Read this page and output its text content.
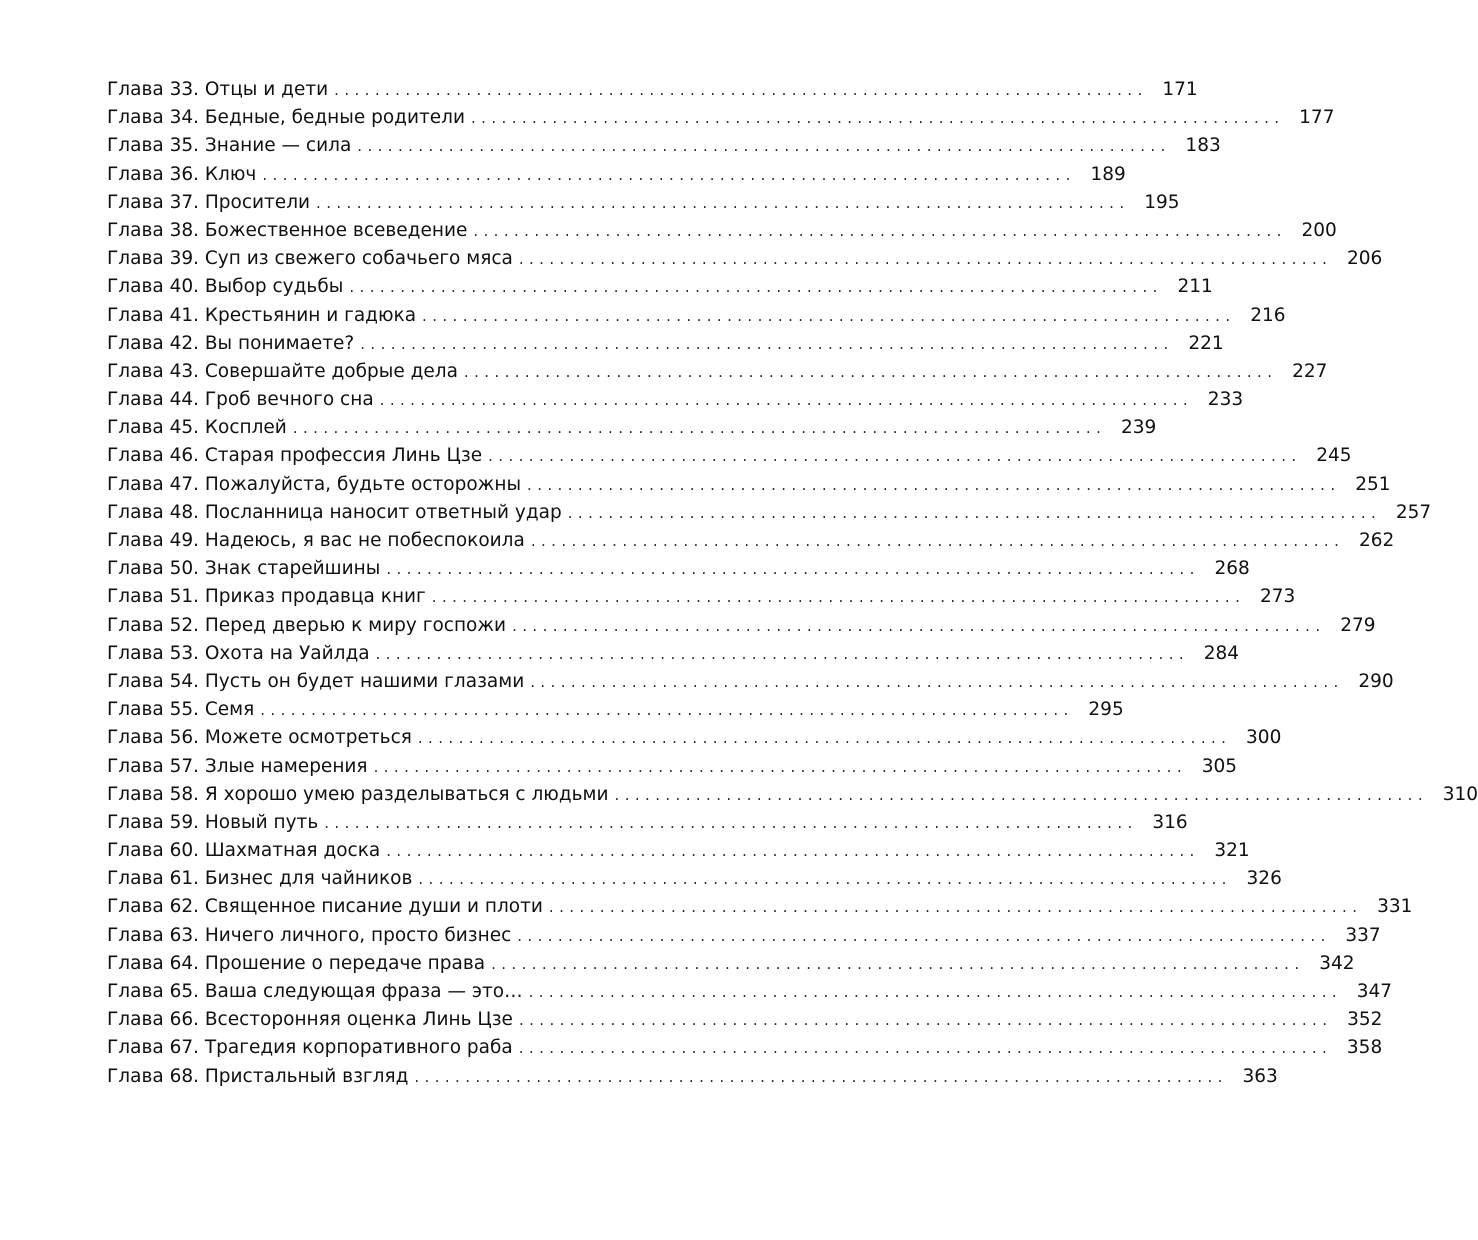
Глава 33. Отцы и дети ................................................................................ 171
Глава 34. Бедные, бедные родители ................................................................................ 177
Глава 35. Знание — сила ................................................................................ 183
Глава 36. Ключ ................................................................................ 189
Глава 37. Просители ................................................................................ 195
Глава 38. Божественное всеведение ................................................................................ 200
Глава 39. Суп из свежего собачьего мяса ................................................................................ 206
Глава 40. Выбор судьбы ................................................................................ 211
Глава 41. Крестьянин и гадюка ................................................................................ 216
Глава 42. Вы понимаете? ................................................................................ 221
Глава 43. Совершайте добрые дела ................................................................................ 227
Глава 44. Гроб вечного сна ................................................................................ 233
Глава 45. Косплей ................................................................................ 239
Глава 46. Старая профессия Линь Цзе ................................................................................ 245
Глава 47. Пожалуйста, будьте осторожны ................................................................................ 251
Глава 48. Посланница наносит ответный удар ................................................................................ 257
Глава 49. Надеюсь, я вас не побеспокоила ................................................................................ 262
Глава 50. Знак старейшины ................................................................................ 268
Глава 51. Приказ продавца книг ................................................................................ 273
Глава 52. Перед дверью к миру госпожи ................................................................................ 279
Глава 53. Охота на Уайлда ................................................................................ 284
Глава 54. Пусть он будет нашими глазами ................................................................................ 290
Глава 55. Семя ................................................................................ 295
Глава 56. Можете осмотреться ................................................................................ 300
Глава 57. Злые намерения ................................................................................ 305
Глава 58. Я хорошо умею разделываться с людьми ................................................................................ 310
Глава 59. Новый путь ................................................................................ 316
Глава 60. Шахматная доска ................................................................................ 321
Глава 61. Бизнес для чайников ................................................................................ 326
Глава 62. Священное писание души и плоти ................................................................................ 331
Глава 63. Ничего личного, просто бизнес ................................................................................ 337
Глава 64. Прошение о передаче права ................................................................................ 342
Глава 65. Ваша следующая фраза — это… ................................................................................ 347
Глава 66. Всесторонняя оценка Линь Цзе ................................................................................ 352
Глава 67. Трагедия корпоративного раба ................................................................................ 358
Глава 68. Пристальный взгляд ................................................................................ 363
